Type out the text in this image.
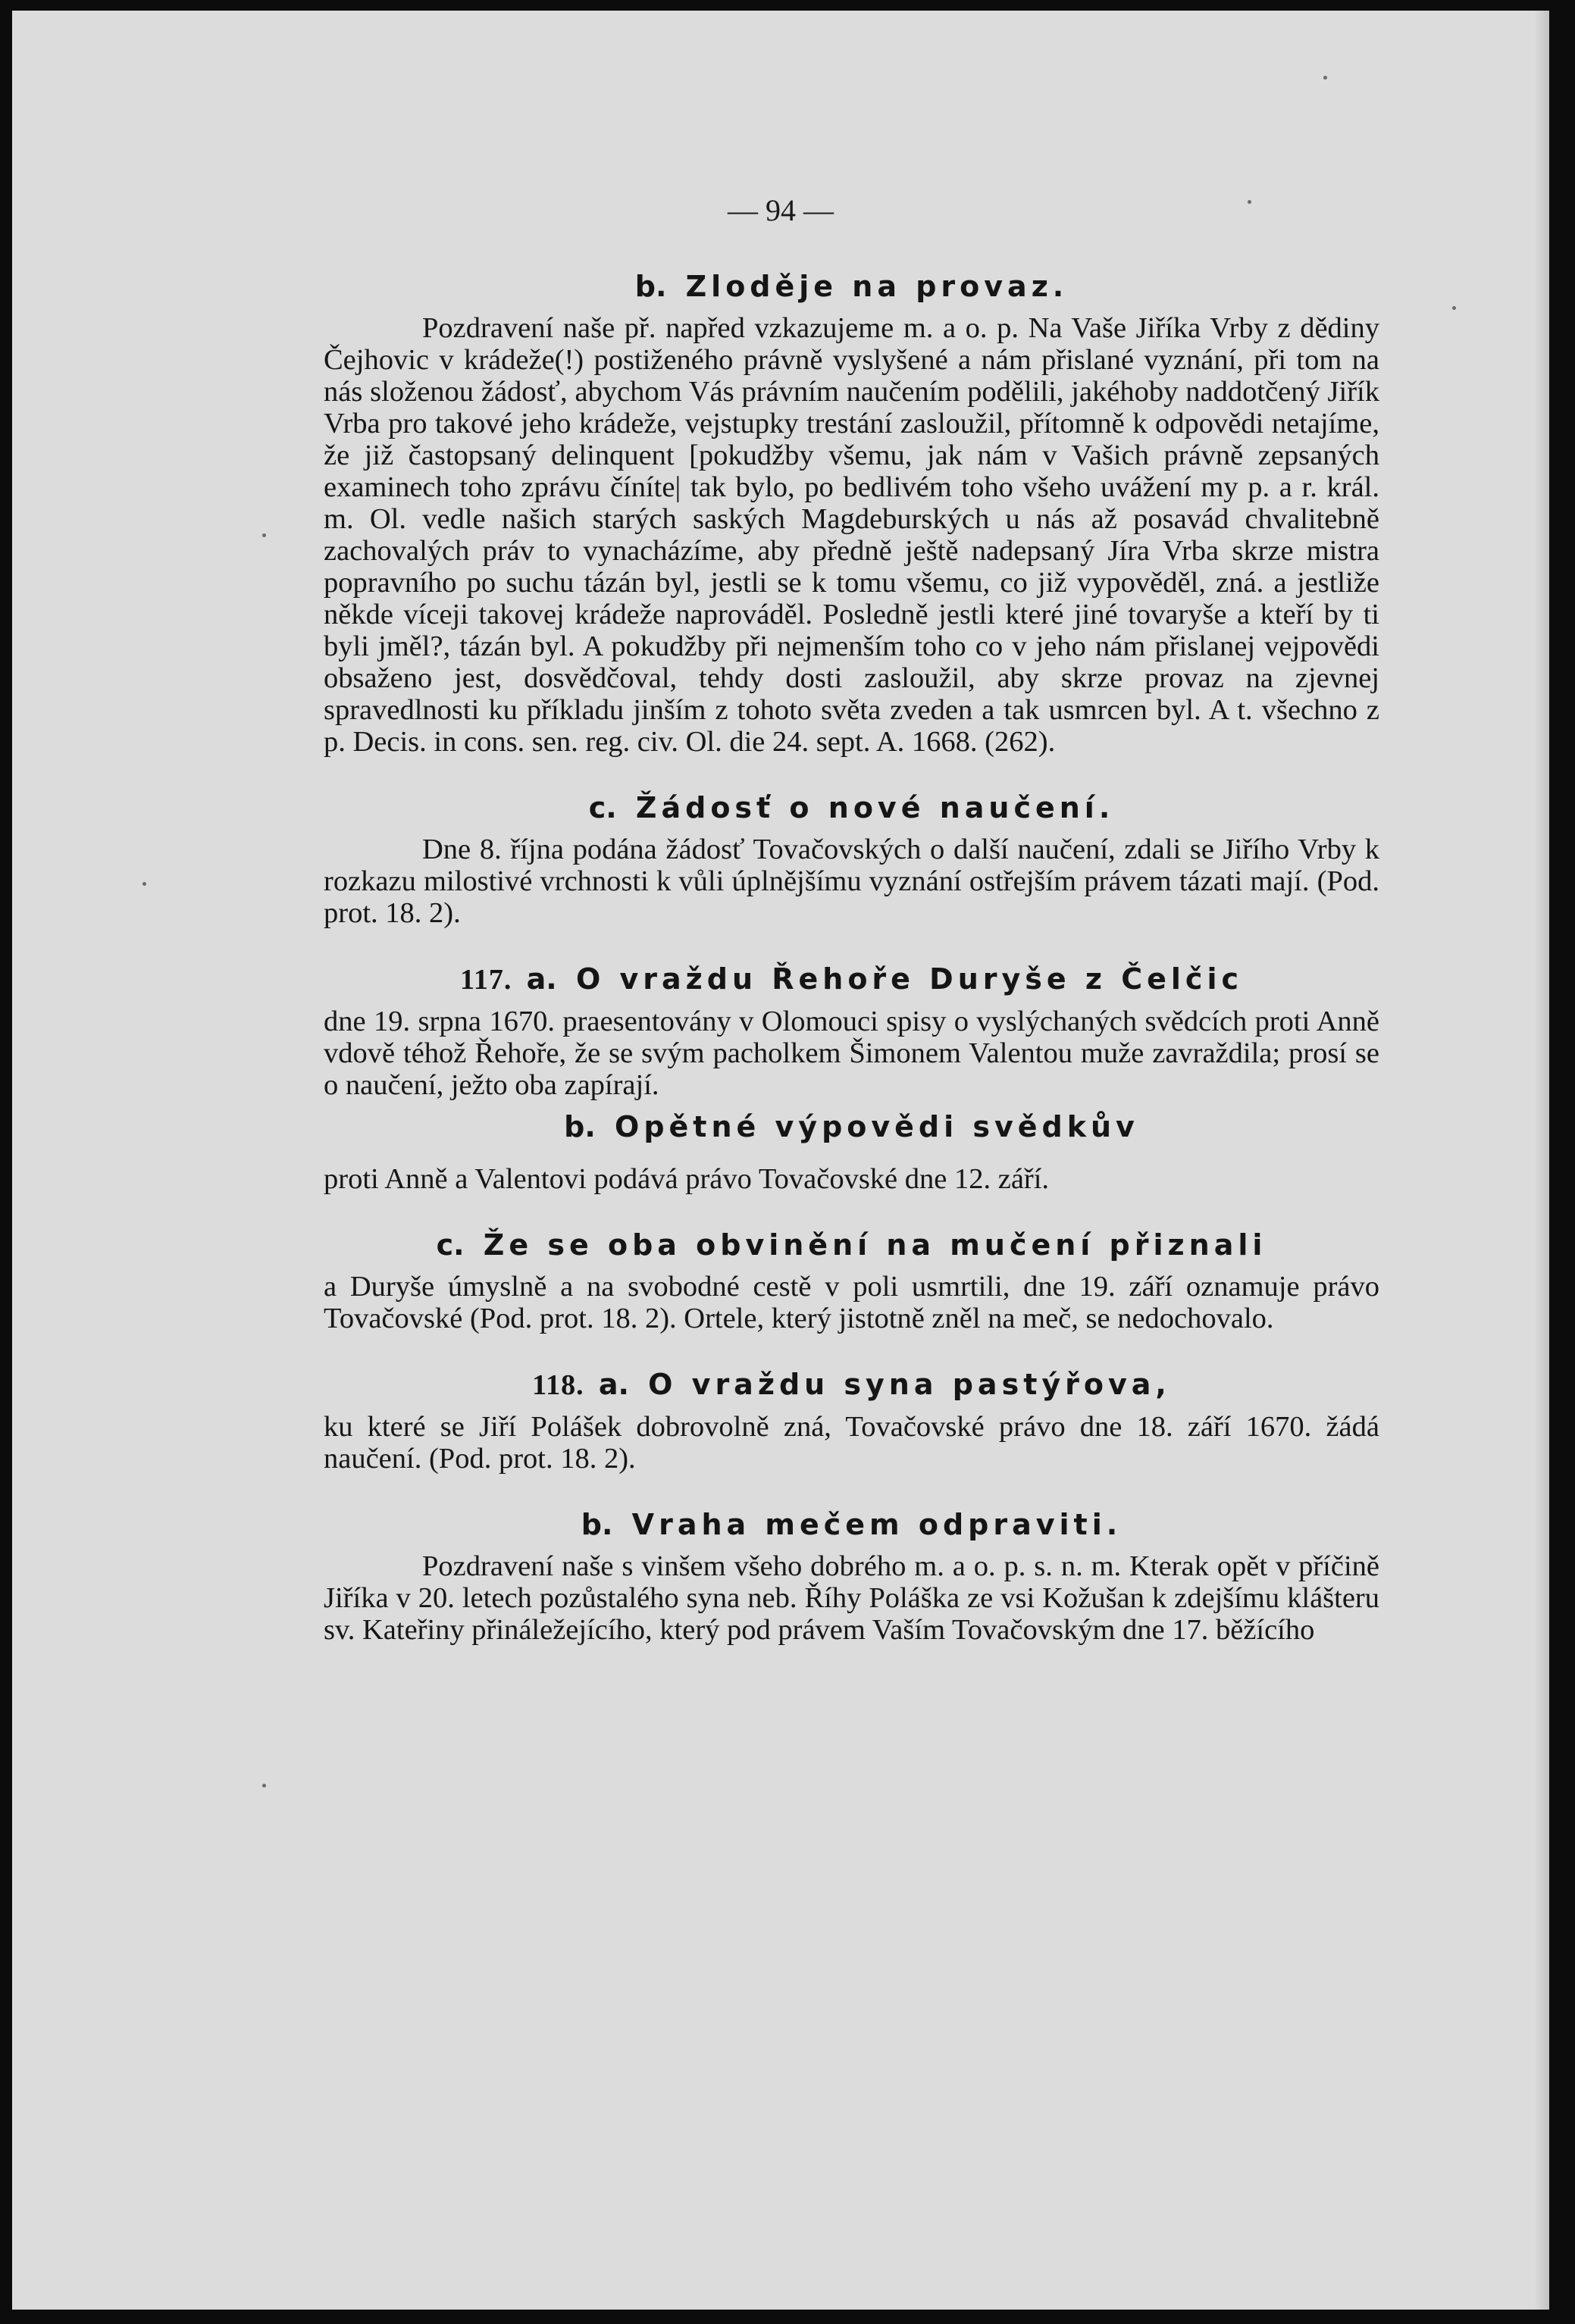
— 94 —

b. Zloděje na provaz.

Pozdravení naše př. napřed vzkazujeme m. a o. p. Na Vaše Jiříka Vrby z dědiny Čejhovic v krádeže(!) postiženého právně vyslyšené a nám přislané vyznání, při tom na nás složenou žádosť, abychom Vás právním naučením podělili, jakéhoby naddotčený Jiřík Vrba pro takové jeho krádeže, vejstupky trestání zasloužil, přítomně k odpovědi netajíme, že již častopsaný delinquent [pokudžby všemu, jak nám v Vašich právně zepsaných examinech toho zprávu číníte| tak bylo, po bedlivém toho všeho uvážení my p. a r. král. m. Ol. vedle našich starých saských Magdeburských u nás až posavád chvalitebně zachovalých práv to vynacházíme, aby předně ještě nadepsaný Jíra Vrba skrze mistra popravního po suchu tázán byl, jestli se k tomu všemu, co již vypověděl, zná. a jestliže někde víceji takovej krádeže naprováděl. Posledně jestli které jiné tovaryše a kteří by ti byli jměl?, tázán byl. A pokudžby při nejmenším toho co v jeho nám přislanej vejpovědi obsaženo jest, dosvědčoval, tehdy dosti zasloužil, aby skrze provaz na zjevnej spravedlnosti ku příkladu jinším z tohoto světa zveden a tak usmrcen byl. A t. všechno z p. Decis. in cons. sen. reg. civ. Ol. die 24. sept. A. 1668. (262).

c. Žádosť o nové naučení.

Dne 8. října podána žádosť Tovačovských o další naučení, zdali se Jiřího Vrby k rozkazu milostivé vrchnosti k vůli úplnějšímu vyznání ostřejším právem tázati mají. (Pod. prot. 18. 2).

117. a. O vraždu Řehoře Duryše z Čelčic

dne 19. srpna 1670. praesentovány v Olomouci spisy o vyslýchaných svědcích proti Anně vdově téhož Řehoře, že se svým pacholkem Šimonem Valentou muže zavraždila; prosí se o naučení, ježto oba zapírají.

b. Opětné výpovědi svědkův

proti Anně a Valentovi podává právo Tovačovské dne 12. září.

c. Že se oba obvinění na mučení přiznali

a Duryše úmyslně a na svobodné cestě v poli usmrtili, dne 19. září oznamuje právo Tovačovské (Pod. prot. 18. 2). Ortele, který jistotně zněl na meč, se nedochovalo.

118. a. O vraždu syna pastýřova,

ku které se Jiří Polášek dobrovolně zná, Tovačovské právo dne 18. září 1670. žádá naučení. (Pod. prot. 18. 2).

b. Vraha mečem odpraviti.

Pozdravení naše s vinšem všeho dobrého m. a o. p. s. n. m. Kterak opět v příčině Jiříka v 20. letech pozůstalého syna neb. Říhy Poláška ze vsi Kožušan k zdejšímu klášteru sv. Kateřiny přináležejícího, který pod právem Vaším Tovačovským dne 17. běžícího
